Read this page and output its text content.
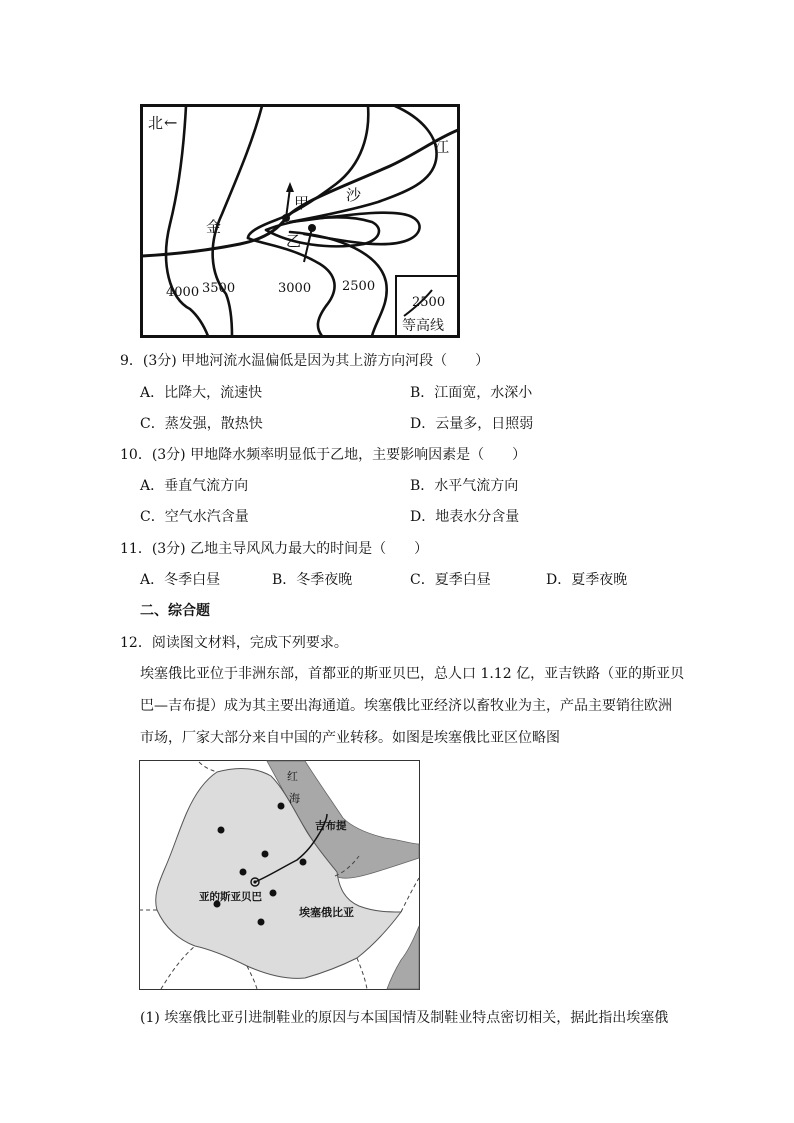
北 ←
江
沙
金
甲
乙
4000 3500	3000 2500
2500
等高线
9．(3分) 甲地河流水温偏低是因为其上游方向河段（　　）
A．比降大，流速快	B．江面宽，水深小
C．蒸发强，散热快	D．云量多，日照弱
10．(3分) 甲地降水频率明显低于乙地，主要影响因素是（　　）
A．垂直气流方向	B．水平气流方向
C．空气水汽含量	D．地表水分含量
11．(3分) 乙地主导风风力最大的时间是（　　）
A．冬季白昼	B．冬季夜晚	C．夏季白昼	D．夏季夜晚
二、综合题
12．阅读图文材料，完成下列要求。
埃塞俄比亚位于非洲东部，首都亚的斯亚贝巴，总人口 1.12 亿，亚吉铁路（亚的斯亚贝
巴—吉布提）成为其主要出海通道。埃塞俄比亚经济以畜牧业为主，产品主要销往欧洲
市场，厂家大部分来自中国的产业转移。如图是埃塞俄比亚区位略图
红
海
吉布提
亚的斯亚贝巴
埃塞俄比亚
(1) 埃塞俄比亚引进制鞋业的原因与本国国情及制鞋业特点密切相关，据此指出埃塞俄
